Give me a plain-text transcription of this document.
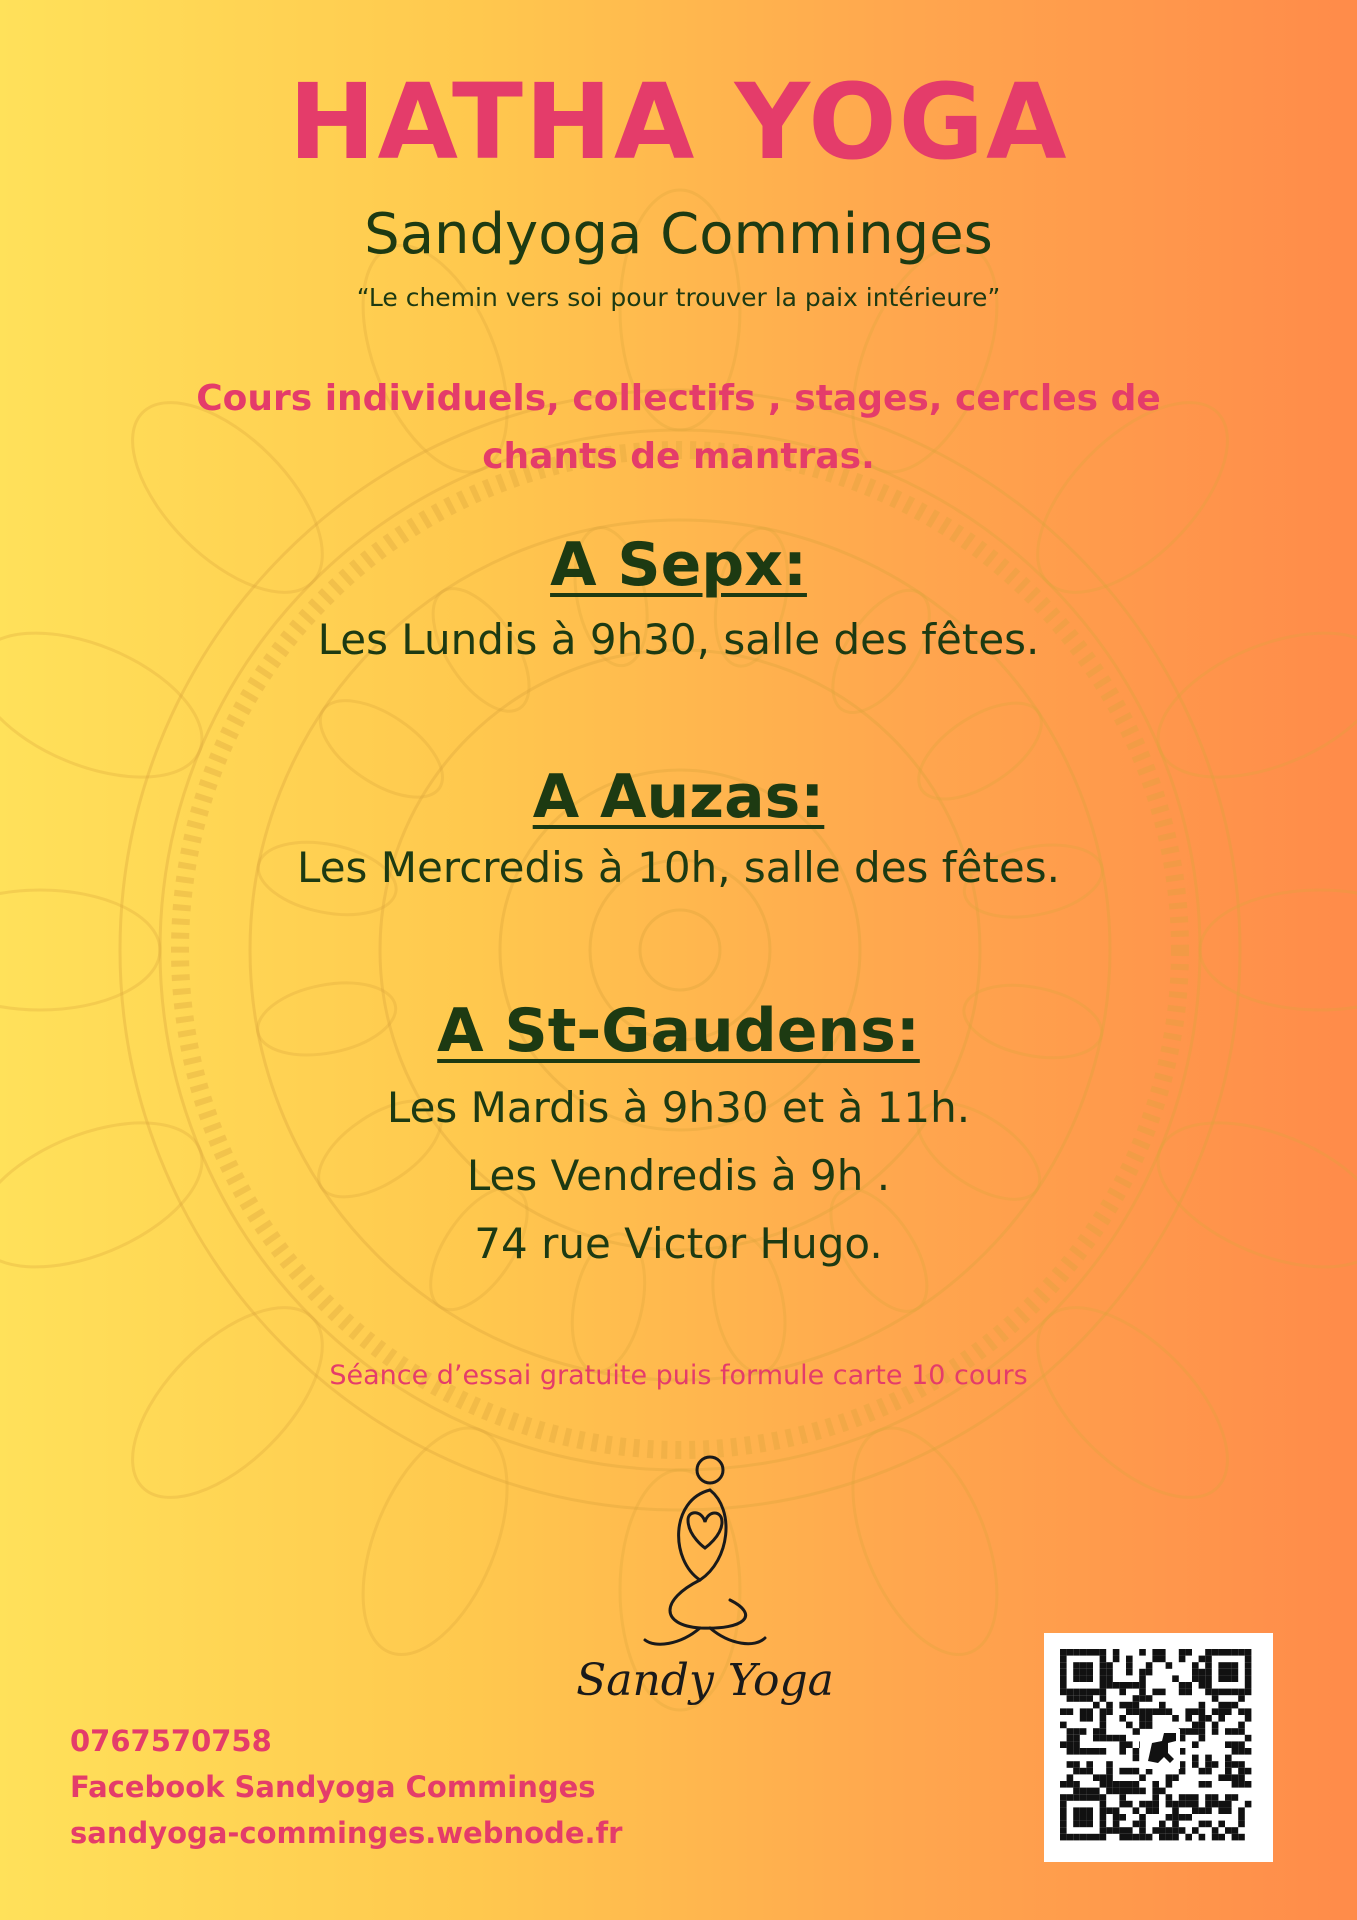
HATHA YOGA
Sandyoga Comminges
“Le chemin vers soi pour trouver la paix intérieure”
Cours individuels, collectifs , stages, cercles de
chants de mantras.
A Sepx:
Les Lundis à 9h30, salle des fêtes.
A Auzas:
Les Mercredis à 10h, salle des fêtes.
A St-Gaudens:
Les Mardis à 9h30 et à 11h.
Les Vendredis à 9h .
74 rue Victor Hugo.
Séance d’essai gratuite puis formule carte 10 cours
Sandy Yoga
0767570758
Facebook Sandyoga Comminges
sandyoga-comminges.webnode.fr
